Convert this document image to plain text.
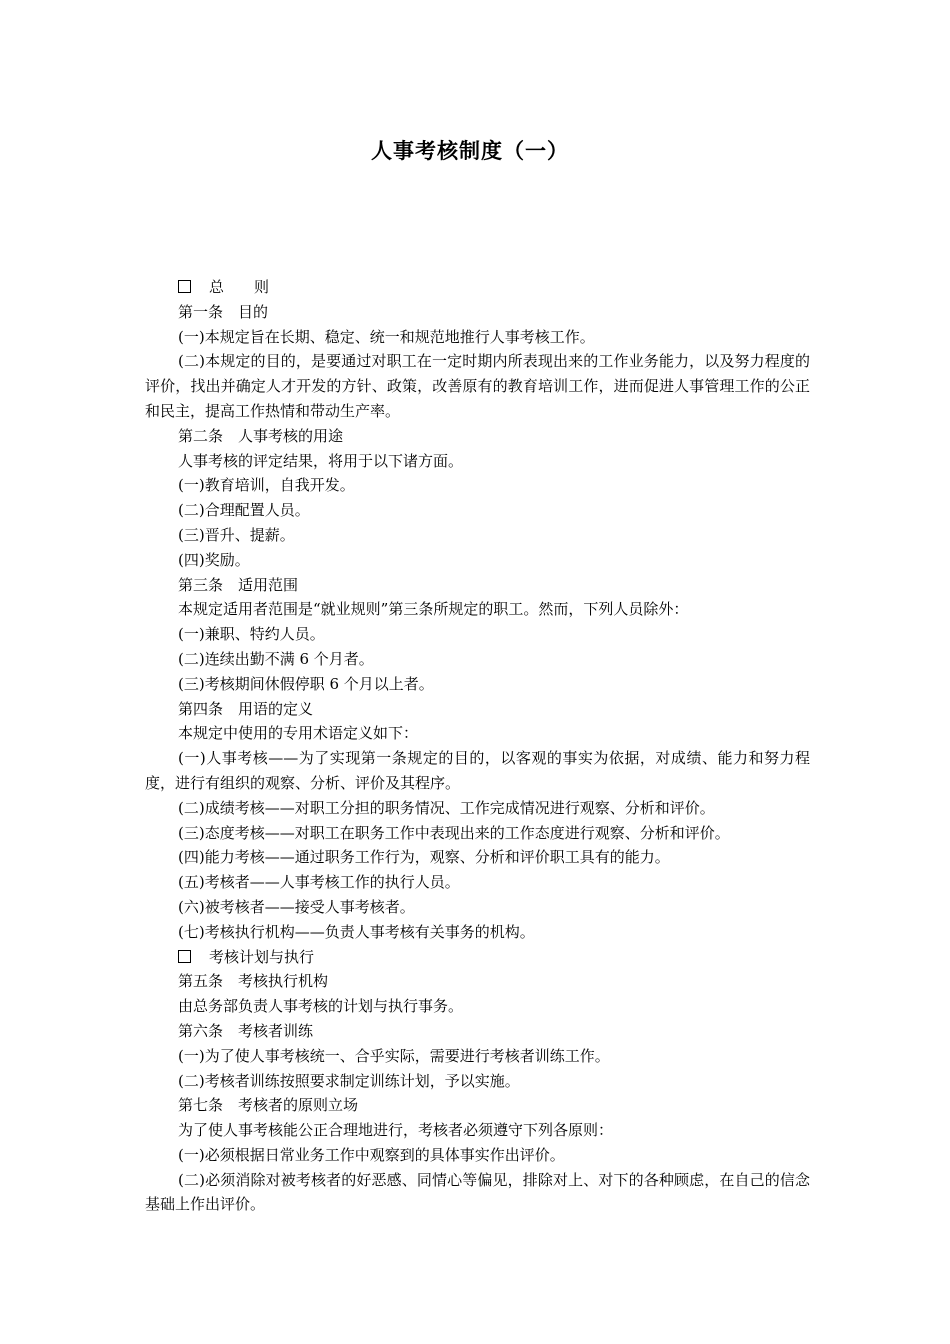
人事考核制度（一）
总　　则
第一条　目的
(一)本规定旨在长期、稳定、统一和规范地推行人事考核工作。
(二)本规定的目的，是要通过对职工在一定时期内所表现出来的工作业务能力，以及努力程度的评价，找出并确定人才开发的方针、政策，改善原有的教育培训工作，进而促进人事管理工作的公正和民主，提高工作热情和带动生产率。
第二条　人事考核的用途
人事考核的评定结果，将用于以下诸方面。
(一)教育培训，自我开发。
(二)合理配置人员。
(三)晋升、提薪。
(四)奖励。
第三条　适用范围
本规定适用者范围是“就业规则”第三条所规定的职工。然而，下列人员除外：
(一)兼职、特约人员。
(二)连续出勤不满 6 个月者。
(三)考核期间休假停职 6 个月以上者。
第四条　用语的定义
本规定中使用的专用术语定义如下：
(一)人事考核——为了实现第一条规定的目的，以客观的事实为依据，对成绩、能力和努力程度，进行有组织的观察、分析、评价及其程序。
(二)成绩考核——对职工分担的职务情况、工作完成情况进行观察、分析和评价。
(三)态度考核——对职工在职务工作中表现出来的工作态度进行观察、分析和评价。
(四)能力考核——通过职务工作行为，观察、分析和评价职工具有的能力。
(五)考核者——人事考核工作的执行人员。
(六)被考核者——接受人事考核者。
(七)考核执行机构——负责人事考核有关事务的机构。
考核计划与执行
第五条　考核执行机构
由总务部负责人事考核的计划与执行事务。
第六条　考核者训练
(一)为了使人事考核统一、合乎实际，需要进行考核者训练工作。
(二)考核者训练按照要求制定训练计划，予以实施。
第七条　考核者的原则立场
为了使人事考核能公正合理地进行，考核者必须遵守下列各原则：
(一)必须根据日常业务工作中观察到的具体事实作出评价。
(二)必须消除对被考核者的好恶感、同情心等偏见，排除对上、对下的各种顾虑，在自己的信念基础上作出评价。
